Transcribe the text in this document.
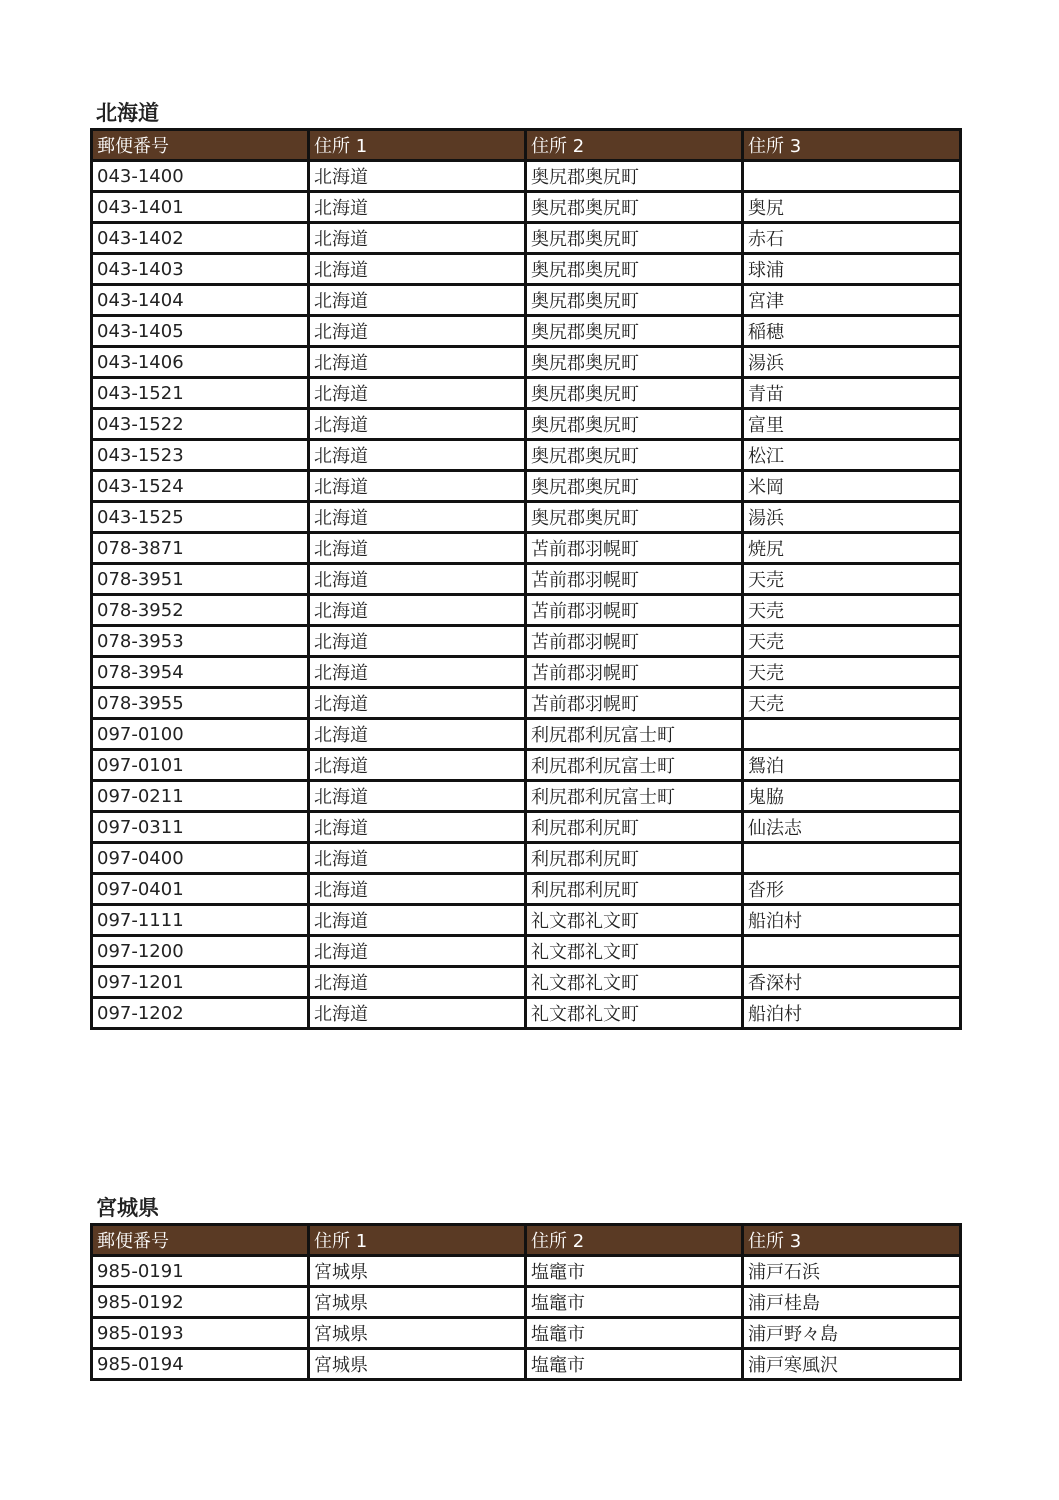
北海道
郵便番号	住所 1	住所 2	住所 3
043-1400	北海道	奥尻郡奥尻町	
043-1401	北海道	奥尻郡奥尻町	奥尻
043-1402	北海道	奥尻郡奥尻町	赤石
043-1403	北海道	奥尻郡奥尻町	球浦
043-1404	北海道	奥尻郡奥尻町	宮津
043-1405	北海道	奥尻郡奥尻町	稲穂
043-1406	北海道	奥尻郡奥尻町	湯浜
043-1521	北海道	奥尻郡奥尻町	青苗
043-1522	北海道	奥尻郡奥尻町	富里
043-1523	北海道	奥尻郡奥尻町	松江
043-1524	北海道	奥尻郡奥尻町	米岡
043-1525	北海道	奥尻郡奥尻町	湯浜
078-3871	北海道	苫前郡羽幌町	焼尻
078-3951	北海道	苫前郡羽幌町	天売
078-3952	北海道	苫前郡羽幌町	天売
078-3953	北海道	苫前郡羽幌町	天売
078-3954	北海道	苫前郡羽幌町	天売
078-3955	北海道	苫前郡羽幌町	天売
097-0100	北海道	利尻郡利尻富士町	
097-0101	北海道	利尻郡利尻富士町	鴛泊
097-0211	北海道	利尻郡利尻富士町	鬼脇
097-0311	北海道	利尻郡利尻町	仙法志
097-0400	北海道	利尻郡利尻町	
097-0401	北海道	利尻郡利尻町	沓形
097-1111	北海道	礼文郡礼文町	船泊村
097-1200	北海道	礼文郡礼文町	
097-1201	北海道	礼文郡礼文町	香深村
097-1202	北海道	礼文郡礼文町	船泊村
宮城県
郵便番号	住所 1	住所 2	住所 3
985-0191	宮城県	塩竈市	浦戸石浜
985-0192	宮城県	塩竈市	浦戸桂島
985-0193	宮城県	塩竈市	浦戸野々島
985-0194	宮城県	塩竈市	浦戸寒風沢
